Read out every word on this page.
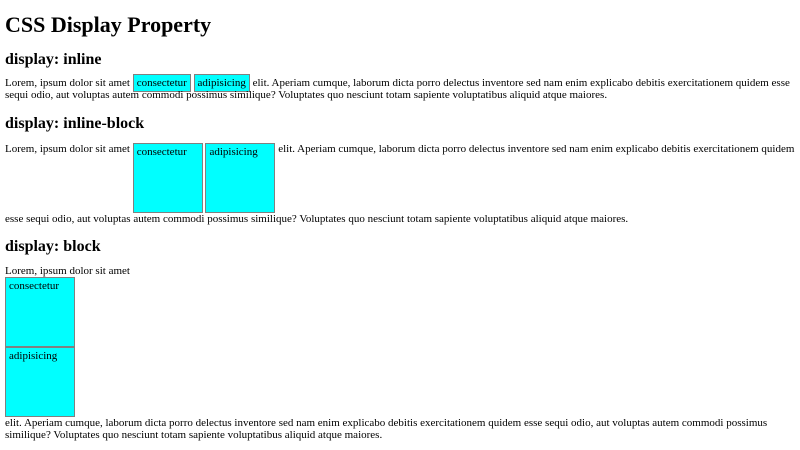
CSS Display Property
display: inline

Lorem, ipsum dolor sit amet consectetur adipisicing elit. Aperiam cumque, laborum dicta porro delectus inventore sed nam enim explicabo debitis exercitationem quidem esse sequi odio, aut voluptas autem commodi possimus similique? Voluptates quo nesciunt totam sapiente voluptatibus aliquid atque maiores.

display: inline-block

Lorem, ipsum dolor sit amet consectetur adipisicing elit. Aperiam cumque, laborum dicta porro delectus inventore sed nam enim explicabo debitis exercitationem quidem esse sequi odio, aut voluptas autem commodi possimus similique? Voluptates quo nesciunt totam sapiente voluptatibus aliquid atque maiores.

display: block
Lorem, ipsum dolor sit amet
consectetur
adipisicing
elit. Aperiam cumque, laborum dicta porro delectus inventore sed nam enim explicabo debitis exercitationem quidem esse sequi odio, aut voluptas autem commodi possimus similique? Voluptates quo nesciunt totam sapiente voluptatibus aliquid atque maiores.
